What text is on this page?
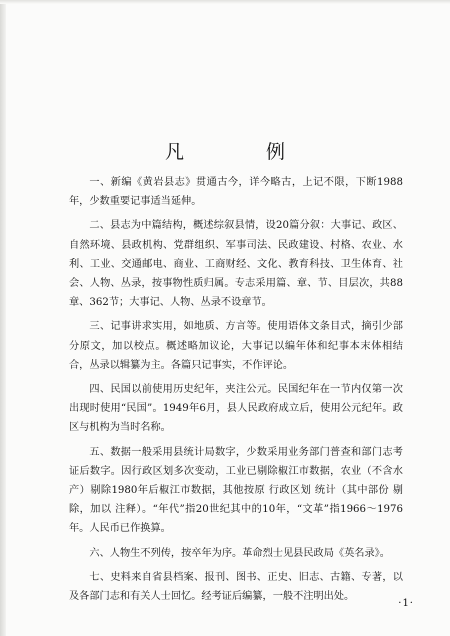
凡 例

一、新编《黄岩县志》贯通古今，详今略古，上记不限，下断1988年，少数重要记事适当延伸。

二、县志为中篇结构，概述综叙县情，设20篇分叙：大事记、政区、自然环境、县政机构、党群组织、军事司法、民政建设、村格、农业、水利、工业、交通邮电、商业、工商财经、文化、教育科技、卫生体育、社会、人物、丛录，按事物性质归属。专志采用篇、章、节、目层次，共88章、362节；大事记、人物、丛录不设章节。

三、记事讲求实用，如地质、方言等。使用语体文条目式，摘引少部分原文，加以校点。概述略加议论，大事记以编年体和纪事本末体相结合，丛录以辑纂为主。各篇只记事实，不作评论。

四、民国以前使用历史纪年，夹注公元。民国纪年在一节内仅第一次出现时使用“民国”。1949年6月，县人民政府成立后，使用公元纪年。政区与机构为当时名称。

五、数据一般采用县统计局数字，少数采用业务部门普查和部门志考证后数字。因行政区划多次变动，工业已剔除椒江市数据，农业（不含水产）剔除1980年后椒江市数据，其他按原 行政区划 统计（其中部份 剔除，加以 注释）。“年代”指20世纪其中的10年，“文革”指1966～1976年。人民币已作换算。

六、人物生不列传，按卒年为序。革命烈士见县民政局《英名录》。

七、史料来自省县档案、报刊、图书、正史、旧志、古籍、专著，以及各部门志和有关人士回忆。经考证后编纂，一般不注明出处。

·1·
